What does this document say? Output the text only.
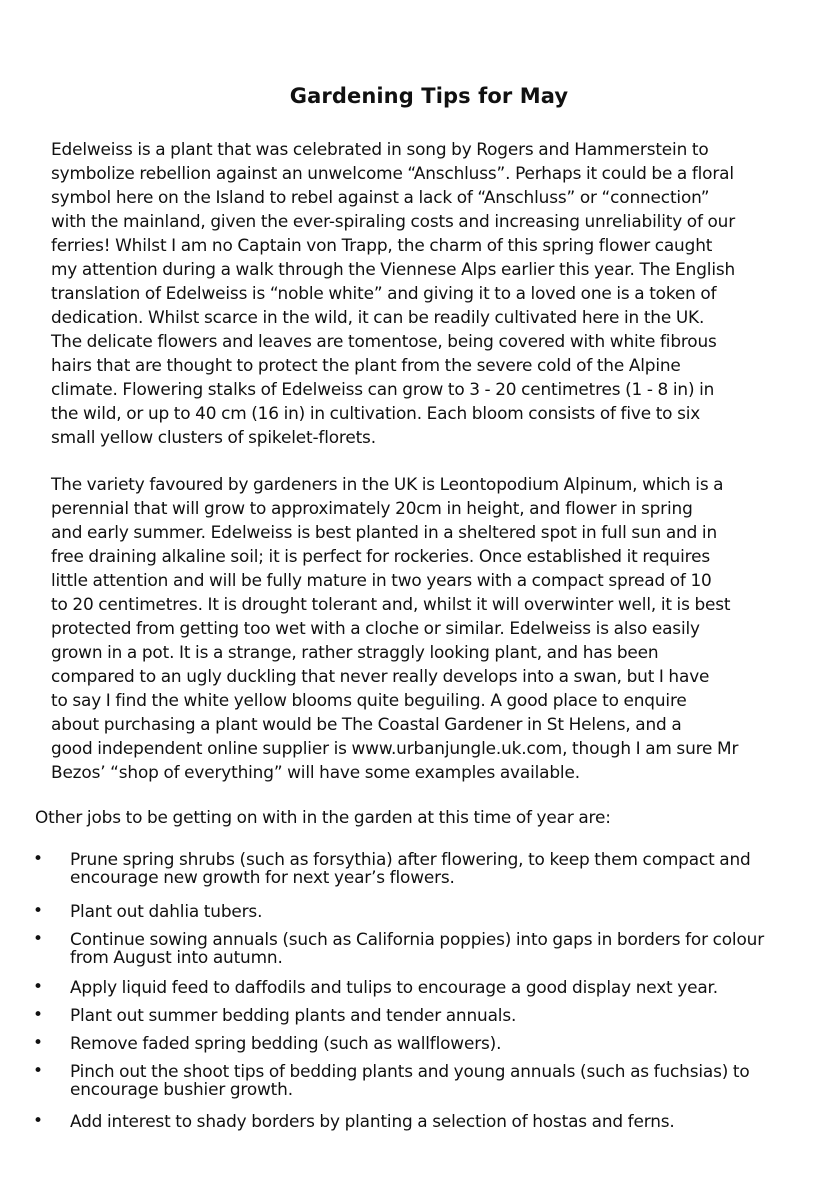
Gardening Tips for May
Edelweiss is a plant that was celebrated in song by Rogers and Hammerstein to
symbolize rebellion against an unwelcome “Anschluss”. Perhaps it could be a floral
symbol here on the Island to rebel against a lack of “Anschluss” or “connection”
with the mainland, given the ever-spiraling costs and increasing unreliability of our
ferries! Whilst I am no Captain von Trapp, the charm of this spring flower caught
my attention during a walk through the Viennese Alps earlier this year. The English
translation of Edelweiss is “noble white” and giving it to a loved one is a token of
dedication. Whilst scarce in the wild, it can be readily cultivated here in the UK.
The delicate flowers and leaves are tomentose, being covered with white fibrous
hairs that are thought to protect the plant from the severe cold of the Alpine
climate. Flowering stalks of Edelweiss can grow to 3 - 20 centimetres (1 - 8 in) in
the wild, or up to 40 cm (16 in) in cultivation. Each bloom consists of five to six
small yellow clusters of spikelet-florets.
The variety favoured by gardeners in the UK is Leontopodium Alpinum, which is a
perennial that will grow to approximately 20cm in height, and flower in spring
and early summer. Edelweiss is best planted in a sheltered spot in full sun and in
free draining alkaline soil; it is perfect for rockeries. Once established it requires
little attention and will be fully mature in two years with a compact spread of 10
to 20 centimetres. It is drought tolerant and, whilst it will overwinter well, it is best
protected from getting too wet with a cloche or similar. Edelweiss is also easily
grown in a pot. It is a strange, rather straggly looking plant, and has been
compared to an ugly duckling that never really develops into a swan, but I have
to say I find the white yellow blooms quite beguiling. A good place to enquire
about purchasing a plant would be The Coastal Gardener in St Helens, and a
good independent online supplier is www.urbanjungle.uk.com, though I am sure Mr
Bezos’ “shop of everything” will have some examples available.
Other jobs to be getting on with in the garden at this time of year are:
• Prune spring shrubs (such as forsythia) after flowering, to keep them compact and
encourage new growth for next year’s flowers.
• Plant out dahlia tubers.
• Continue sowing annuals (such as California poppies) into gaps in borders for colour
from August into autumn.
• Apply liquid feed to daffodils and tulips to encourage a good display next year.
• Plant out summer bedding plants and tender annuals.
• Remove faded spring bedding (such as wallflowers).
• Pinch out the shoot tips of bedding plants and young annuals (such as fuchsias) to
encourage bushier growth.
• Add interest to shady borders by planting a selection of hostas and ferns.
